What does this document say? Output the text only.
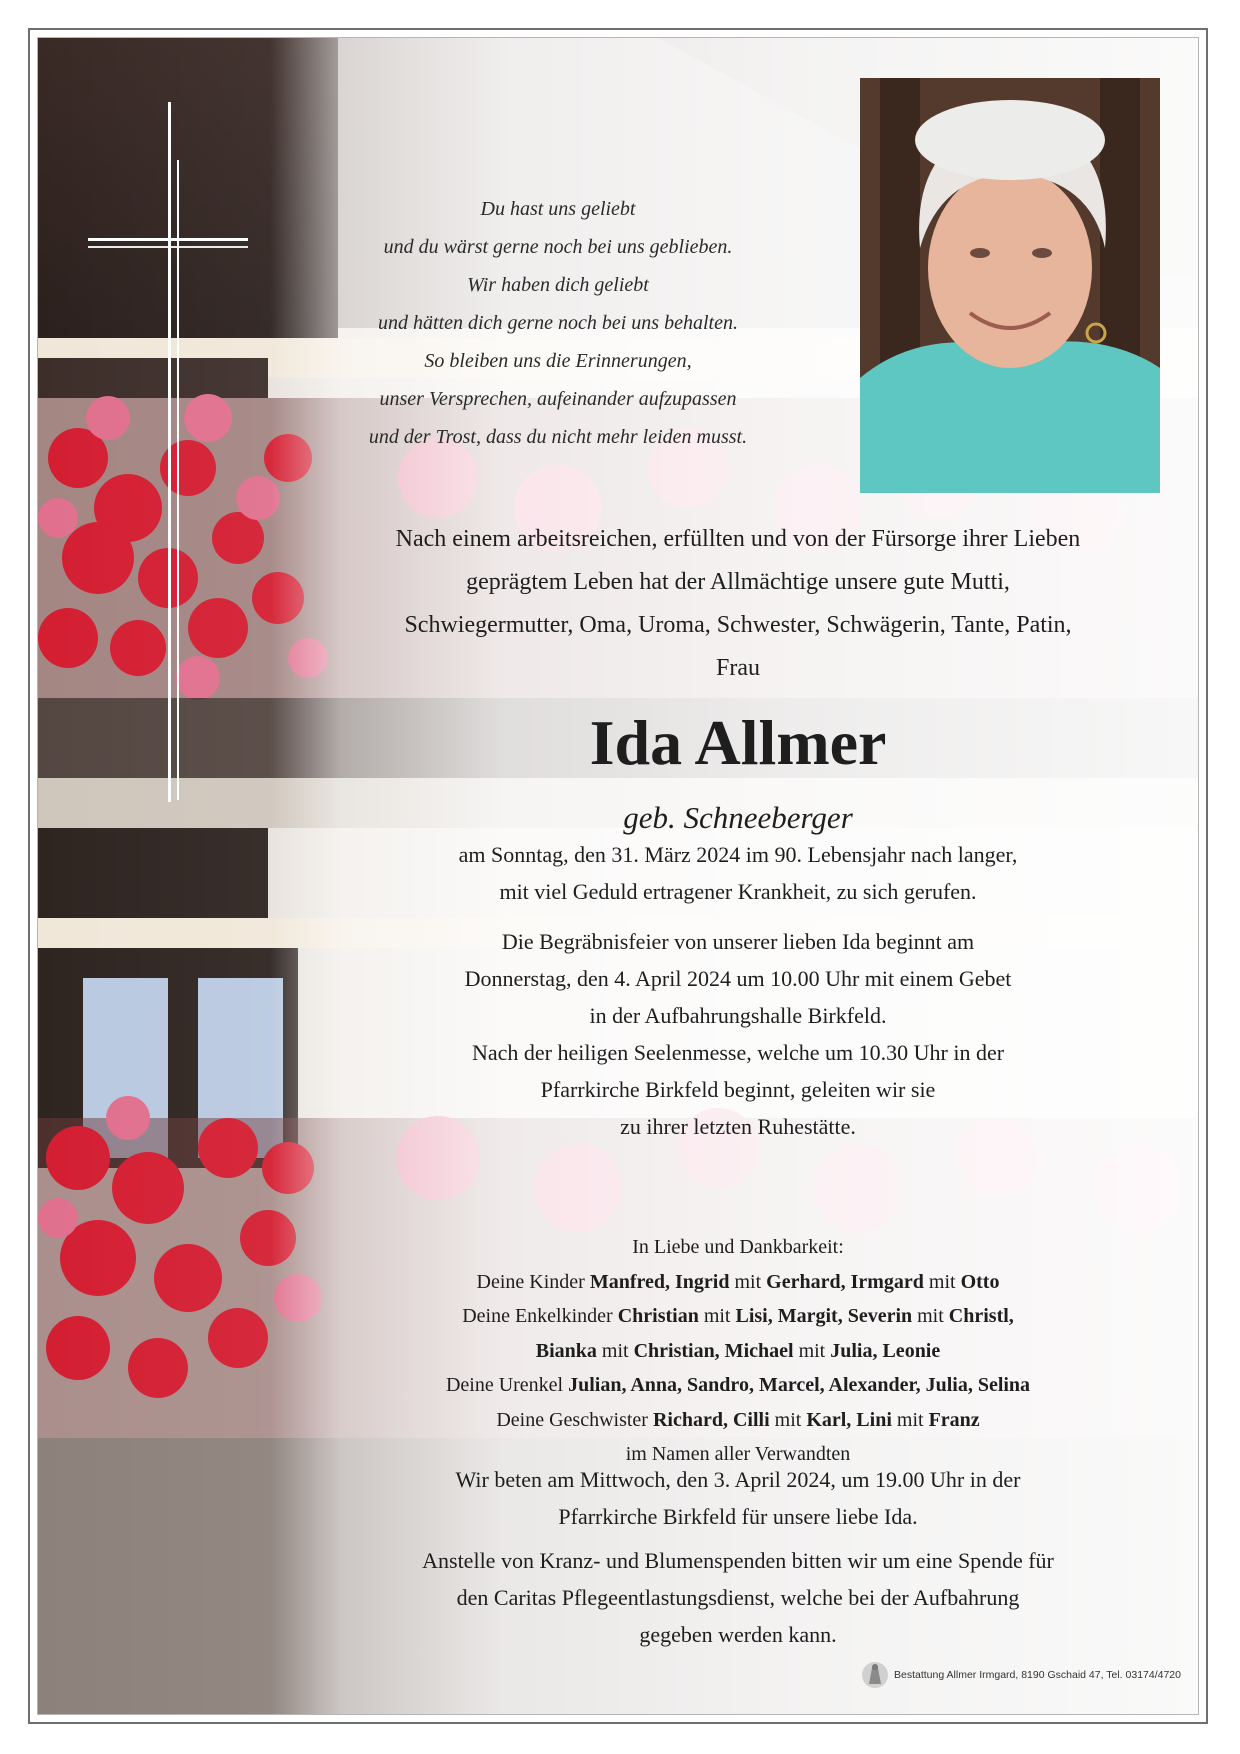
Du hast uns geliebt
und du wärst gerne noch bei uns geblieben.
Wir haben dich geliebt
und hätten dich gerne noch bei uns behalten.
So bleiben uns die Erinnerungen,
unser Versprechen, aufeinander aufzupassen
und der Trost, dass du nicht mehr leiden musst.
Nach einem arbeitsreichen, erfüllten und von der Fürsorge ihrer Lieben
geprägtem Leben hat der Allmächtige unsere gute Mutti,
Schwiegermutter, Oma, Uroma, Schwester, Schwägerin, Tante, Patin,
Frau
Ida Allmer
geb. Schneeberger
am Sonntag, den 31. März 2024 im 90. Lebensjahr nach langer,
mit viel Geduld ertragener Krankheit, zu sich gerufen.
Die Begräbnisfeier von unserer lieben Ida beginnt am
Donnerstag, den 4. April 2024 um 10.00 Uhr mit einem Gebet
in der Aufbahrungshalle Birkfeld.
Nach der heiligen Seelenmesse, welche um 10.30 Uhr in der
Pfarrkirche Birkfeld beginnt, geleiten wir sie
zu ihrer letzten Ruhestätte.
In Liebe und Dankbarkeit:
Deine Kinder Manfred, Ingrid mit Gerhard, Irmgard mit Otto
Deine Enkelkinder Christian mit Lisi, Margit, Severin mit Christl,
Bianka mit Christian, Michael mit Julia, Leonie
Deine Urenkel Julian, Anna, Sandro, Marcel, Alexander, Julia, Selina
Deine Geschwister Richard, Cilli mit Karl, Lini mit Franz
im Namen aller Verwandten
Wir beten am Mittwoch, den 3. April 2024, um 19.00 Uhr in der
Pfarrkirche Birkfeld für unsere liebe Ida.
Anstelle von Kranz- und Blumenspenden bitten wir um eine Spende für
den Caritas Pflegeentlastungsdienst, welche bei der Aufbahrung
gegeben werden kann.
Bestattung Allmer Irmgard, 8190 Gschaid 47, Tel. 03174/4720
